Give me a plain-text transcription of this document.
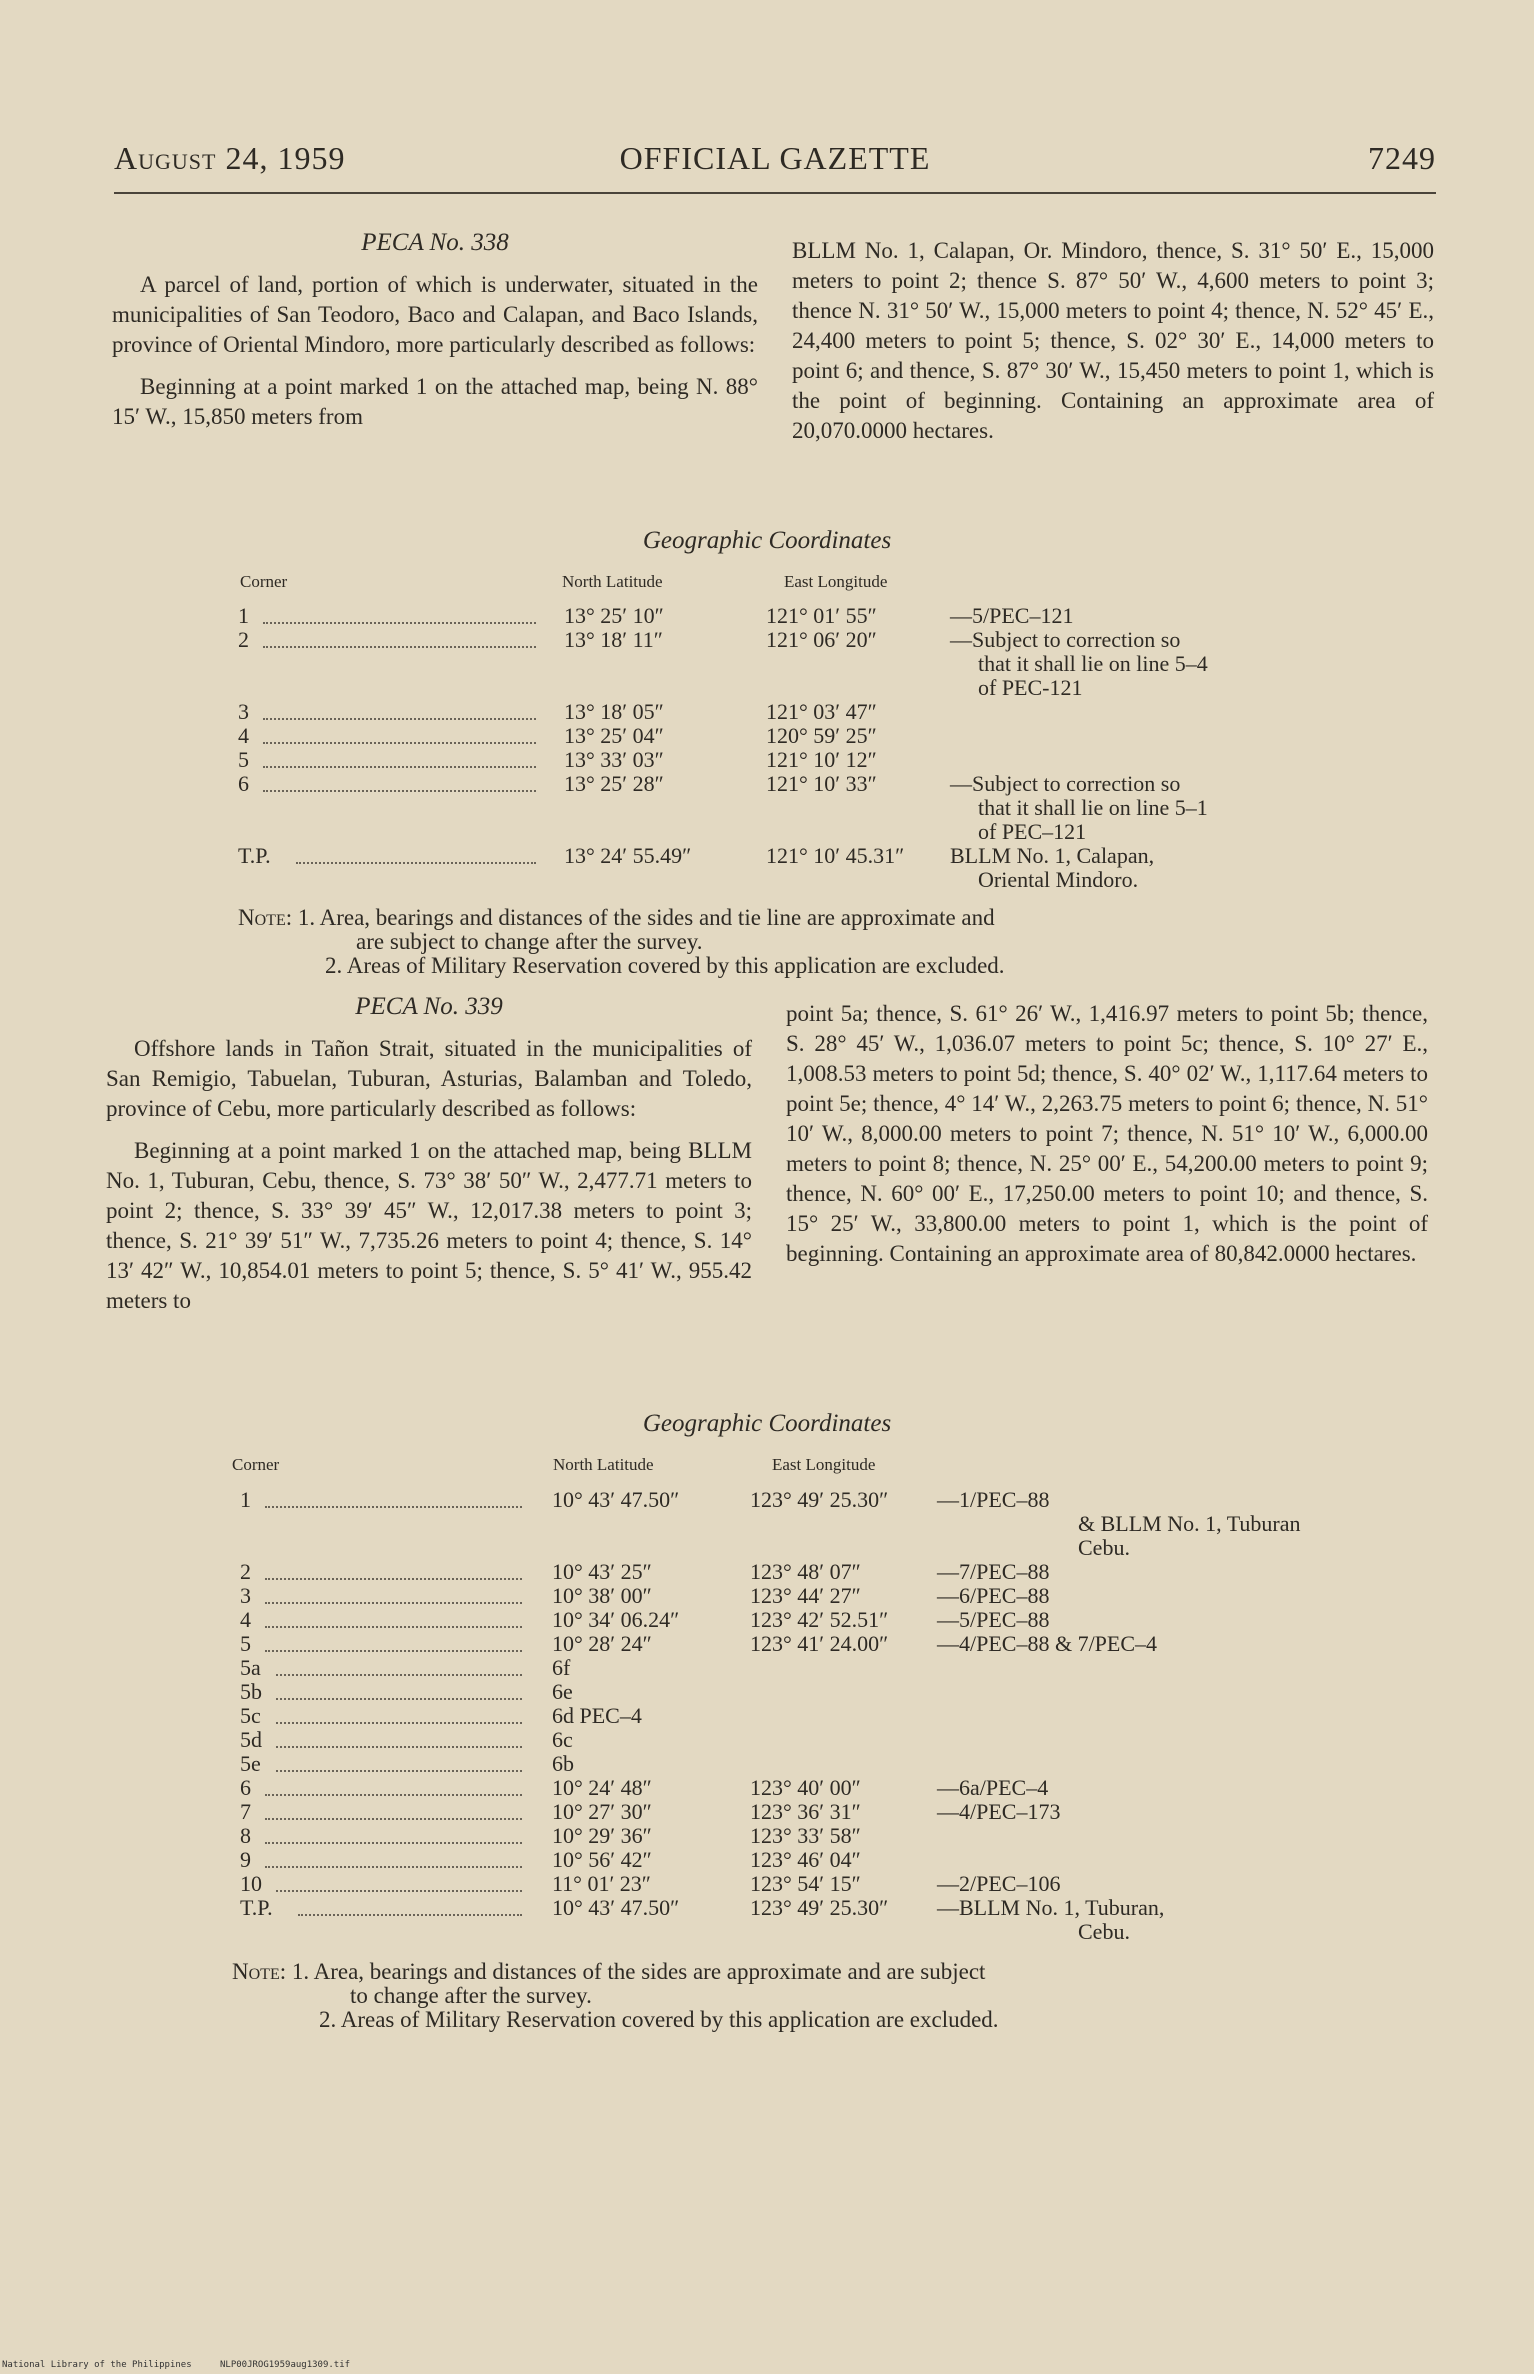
August 24, 1959	OFFICIAL GAZETTE	7249
PECA No. 338

A parcel of land, portion of which is underwater, situated in the municipalities of San Teodoro, Baco and Calapan, and Baco Islands, province of Oriental Mindoro, more particularly described as follows:

Beginning at a point marked 1 on the attached map, being N. 88° 15′ W., 15,850 meters from

BLLM No. 1, Calapan, Or. Mindoro, thence, S. 31° 50′ E., 15,000 meters to point 2; thence S. 87° 50′ W., 4,600 meters to point 3; thence N. 31° 50′ W., 15,000 meters to point 4; thence, N. 52° 45′ E., 24,400 meters to point 5; thence, S. 02° 30′ E., 14,000 meters to point 6; and thence, S. 87° 30′ W., 15,450 meters to point 1, which is the point of beginning. Containing an approximate area of 20,070.0000 hectares.

Geographic Coordinates
Corner	North Latitude	East Longitude
1	13° 25′ 10″	121° 01′ 55″	—5/PEC–121
2	13° 18′ 11″	121° 06′ 20″	—Subject to correction so
that it shall lie on line 5–4
of PEC-121
3	13° 18′ 05″	121° 03′ 47″
4	13° 25′ 04″	120° 59′ 25″
5	13° 33′ 03″	121° 10′ 12″
6	13° 25′ 28″	121° 10′ 33″	—Subject to correction so
that it shall lie on line 5–1
of PEC–121
T.P.	13° 24′ 55.49″	121° 10′ 45.31″ BLLM No. 1, Calapan,
Oriental Mindoro.
Note: 1. Area, bearings and distances of the sides and tie line are approximate and
are subject to change after the survey.
2. Areas of Military Reservation covered by this application are excluded.
PECA No. 339

Offshore lands in Tañon Strait, situated in the municipalities of San Remigio, Tabuelan, Tuburan, Asturias, Balamban and Toledo, province of Cebu, more particularly described as follows:

Beginning at a point marked 1 on the attached map, being BLLM No. 1, Tuburan, Cebu, thence, S. 73° 38′ 50″ W., 2,477.71 meters to point 2; thence, S. 33° 39′ 45″ W., 12,017.38 meters to point 3; thence, S. 21° 39′ 51″ W., 7,735.26 meters to point 4; thence, S. 14° 13′ 42″ W., 10,854.01 meters to point 5; thence, S. 5° 41′ W., 955.42 meters to

point 5a; thence, S. 61° 26′ W., 1,416.97 meters to point 5b; thence, S. 28° 45′ W., 1,036.07 meters to point 5c; thence, S. 10° 27′ E., 1,008.53 meters to point 5d; thence, S. 40° 02′ W., 1,117.64 meters to point 5e; thence, 4° 14′ W., 2,263.75 meters to point 6; thence, N. 51° 10′ W., 8,000.00 meters to point 7; thence, N. 51° 10′ W., 6,000.00 meters to point 8; thence, N. 25° 00′ E., 54,200.00 meters to point 9; thence, N. 60° 00′ E., 17,250.00 meters to point 10; and thence, S. 15° 25′ W., 33,800.00 meters to point 1, which is the point of beginning. Containing an approximate area of 80,842.0000 hectares.

Geographic Coordinates
Corner	North Latitude	East Longitude
1	10° 43′ 47.50″	123° 49′ 25.30″ —1/PEC–88
& BLLM No. 1, Tuburan
Cebu.
2	10° 43′ 25″	123° 48′ 07″	—7/PEC–88
3	10° 38′ 00″	123° 44′ 27″	—6/PEC–88
4	10° 34′ 06.24″	123° 42′ 52.51″ —5/PEC–88
5	10° 28′ 24″	123° 41′ 24.00″ —4/PEC–88 & 7/PEC–4
5a	6f
5b	6e
5c	6d PEC–4
5d	6c
5e	6b
6	10° 24′ 48″	123° 40′ 00″	—6a/PEC–4
7	10° 27′ 30″	123° 36′ 31″	—4/PEC–173
8	10° 29′ 36″	123° 33′ 58″
9	10° 56′ 42″	123° 46′ 04″
10	11° 01′ 23″	123° 54′ 15″	—2/PEC–106
T.P.	10° 43′ 47.50″	123° 49′ 25.30″ —BLLM No. 1, Tuburan,
Cebu.
Note: 1. Area, bearings and distances of the sides are approximate and are subject
to change after the survey.
2. Areas of Military Reservation covered by this application are excluded.
National Library of the Philippines	NLP00JROG1959aug1309.tif
